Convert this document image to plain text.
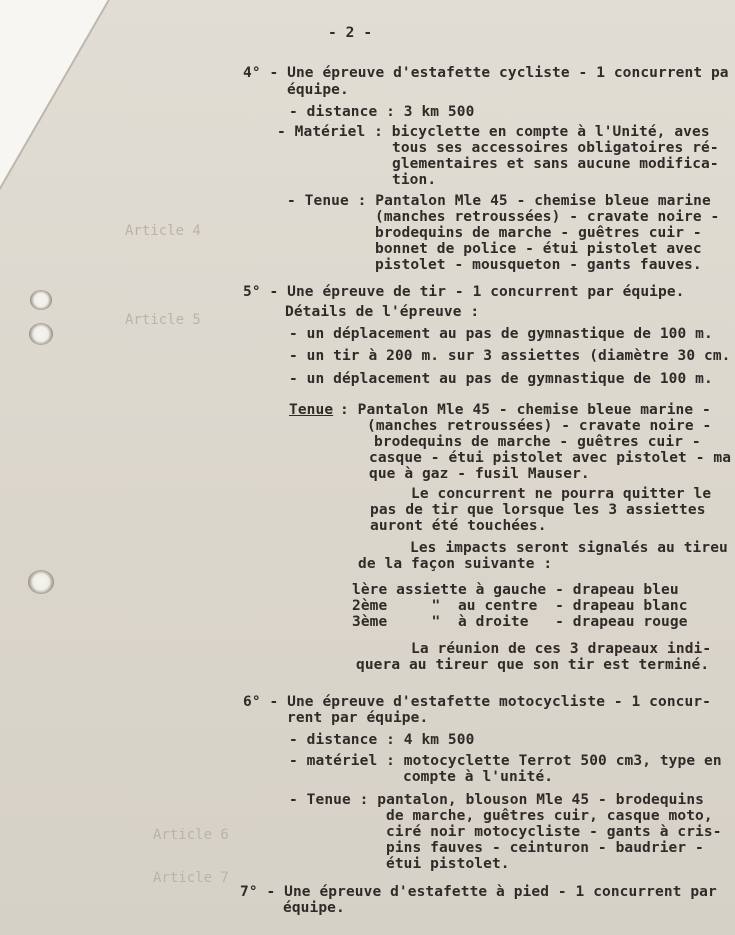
Article 4
Article 5
Article 6
Article 7
- 2 -
4° - Une épreuve d'estafette cycliste - 1 concurrent pa
équipe.
- distance : 3 km 500
- Matériel : bicyclette en compte à l'Unité, aves
tous ses accessoires obligatoires ré-
glementaires et sans aucune modifica-
tion.
- Tenue : Pantalon Mle 45 - chemise bleue marine
(manches retroussées) - cravate noire -
brodequins de marche - guêtres cuir -
bonnet de police - étui pistolet avec
pistolet - mousqueton - gants fauves.
5° - Une épreuve de tir - 1 concurrent par équipe.
Détails de l'épreuve :
- un déplacement au pas de gymnastique de 100 m.
- un tir à 200 m. sur 3 assiettes (diamètre 30 cm.
- un déplacement au pas de gymnastique de 100 m.
Tenue : Pantalon Mle 45 - chemise bleue marine -
(manches retroussées) - cravate noire -
brodequins de marche - guêtres cuir -
casque - étui pistolet avec pistolet - ma
que à gaz - fusil Mauser.
Le concurrent ne pourra quitter le
pas de tir que lorsque les 3 assiettes
auront été touchées.
Les impacts seront signalés au tireu
de la façon suivante :
lère assiette à gauche - drapeau bleu
2ème     "  au centre  - drapeau blanc
3ème     "  à droite   - drapeau rouge
La réunion de ces 3 drapeaux indi-
quera au tireur que son tir est terminé.
6° - Une épreuve d'estafette motocycliste - 1 concur-
rent par équipe.
- distance : 4 km 500
- matériel : motocyclette Terrot 500 cm3, type en
compte à l'unité.
- Tenue : pantalon, blouson Mle 45 - brodequins
de marche, guêtres cuir, casque moto,
ciré noir motocycliste - gants à cris-
pins fauves - ceinturon - baudrier -
étui pistolet.
7° - Une épreuve d'estafette à pied - 1 concurrent par
équipe.
